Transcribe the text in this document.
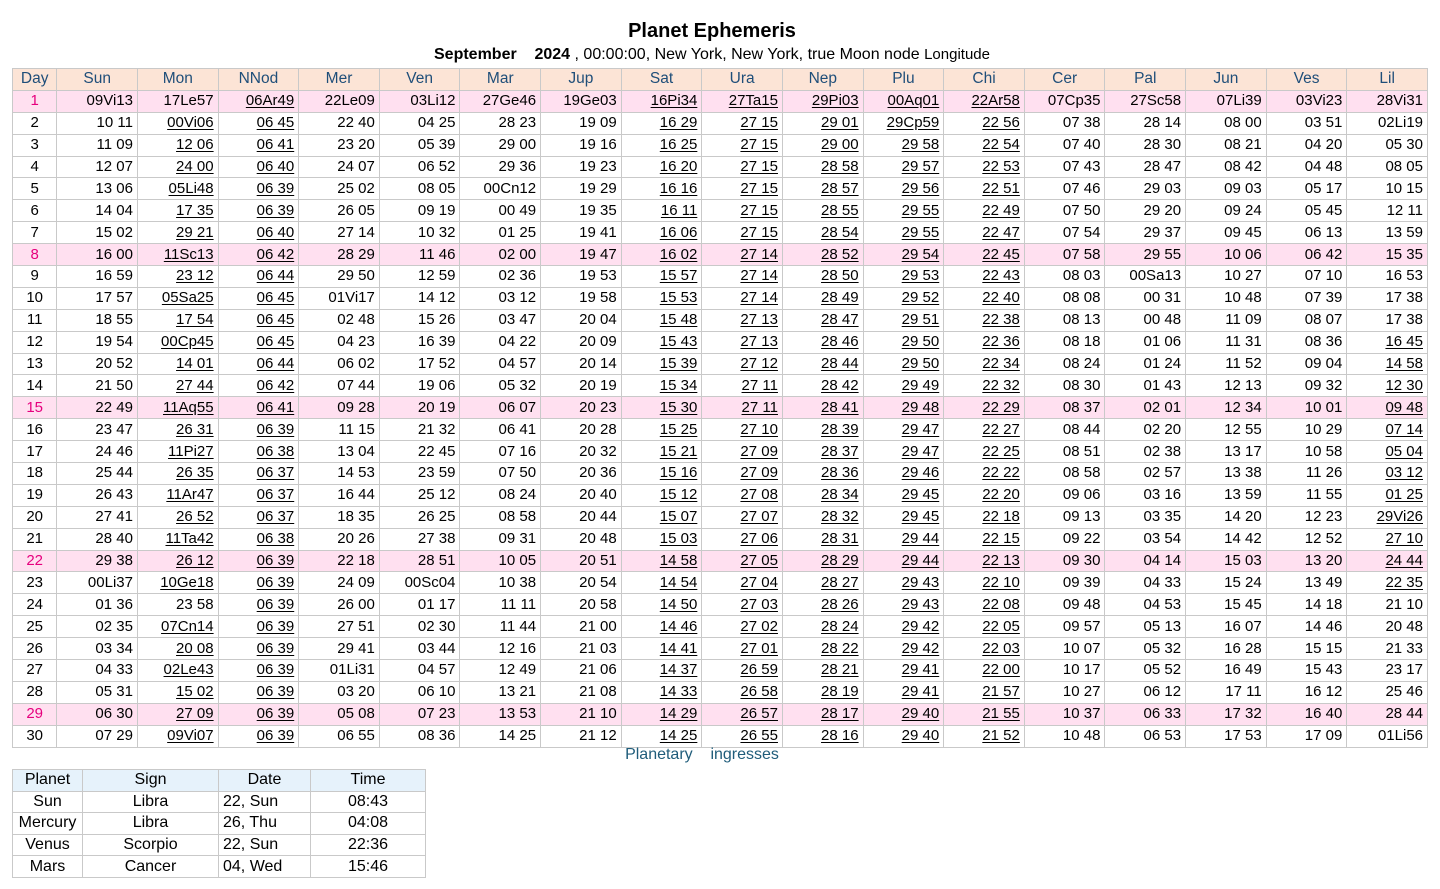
Planet Ephemeris
September 2024 , 00:00:00, New York, New York, true Moon node Longitude
Day	Sun	Mon	NNod	Mer	Ven	Mar	Jup	Sat	Ura	Nep	Plu	Chi	Cer	Pal	Jun	Ves	Lil
1	09Vi13	17Le57	06Ar49	22Le09	03Li12	27Ge46	19Ge03	16Pi34	27Ta15	29Pi03	00Aq01	22Ar58	07Cp35	27Sc58	07Li39	03Vi23	28Vi31
2	10 11	00Vi06	06 45	22 40	04 25	28 23	19 09	16 29	27 15	29 01	29Cp59	22 56	07 38	28 14	08 00	03 51	02Li19
3	11 09	12 06	06 41	23 20	05 39	29 00	19 16	16 25	27 15	29 00	29 58	22 54	07 40	28 30	08 21	04 20	05 30
4	12 07	24 00	06 40	24 07	06 52	29 36	19 23	16 20	27 15	28 58	29 57	22 53	07 43	28 47	08 42	04 48	08 05
5	13 06	05Li48	06 39	25 02	08 05	00Cn12	19 29	16 16	27 15	28 57	29 56	22 51	07 46	29 03	09 03	05 17	10 15
6	14 04	17 35	06 39	26 05	09 19	00 49	19 35	16 11	27 15	28 55	29 55	22 49	07 50	29 20	09 24	05 45	12 11
7	15 02	29 21	06 40	27 14	10 32	01 25	19 41	16 06	27 15	28 54	29 55	22 47	07 54	29 37	09 45	06 13	13 59
8	16 00	11Sc13	06 42	28 29	11 46	02 00	19 47	16 02	27 14	28 52	29 54	22 45	07 58	29 55	10 06	06 42	15 35
9	16 59	23 12	06 44	29 50	12 59	02 36	19 53	15 57	27 14	28 50	29 53	22 43	08 03	00Sa13	10 27	07 10	16 53
10	17 57	05Sa25	06 45	01Vi17	14 12	03 12	19 58	15 53	27 14	28 49	29 52	22 40	08 08	00 31	10 48	07 39	17 38
11	18 55	17 54	06 45	02 48	15 26	03 47	20 04	15 48	27 13	28 47	29 51	22 38	08 13	00 48	11 09	08 07	17 38
12	19 54	00Cp45	06 45	04 23	16 39	04 22	20 09	15 43	27 13	28 46	29 50	22 36	08 18	01 06	11 31	08 36	16 45
13	20 52	14 01	06 44	06 02	17 52	04 57	20 14	15 39	27 12	28 44	29 50	22 34	08 24	01 24	11 52	09 04	14 58
14	21 50	27 44	06 42	07 44	19 06	05 32	20 19	15 34	27 11	28 42	29 49	22 32	08 30	01 43	12 13	09 32	12 30
15	22 49	11Aq55	06 41	09 28	20 19	06 07	20 23	15 30	27 11	28 41	29 48	22 29	08 37	02 01	12 34	10 01	09 48
16	23 47	26 31	06 39	11 15	21 32	06 41	20 28	15 25	27 10	28 39	29 47	22 27	08 44	02 20	12 55	10 29	07 14
17	24 46	11Pi27	06 38	13 04	22 45	07 16	20 32	15 21	27 09	28 37	29 47	22 25	08 51	02 38	13 17	10 58	05 04
18	25 44	26 35	06 37	14 53	23 59	07 50	20 36	15 16	27 09	28 36	29 46	22 22	08 58	02 57	13 38	11 26	03 12
19	26 43	11Ar47	06 37	16 44	25 12	08 24	20 40	15 12	27 08	28 34	29 45	22 20	09 06	03 16	13 59	11 55	01 25
20	27 41	26 52	06 37	18 35	26 25	08 58	20 44	15 07	27 07	28 32	29 45	22 18	09 13	03 35	14 20	12 23	29Vi26
21	28 40	11Ta42	06 38	20 26	27 38	09 31	20 48	15 03	27 06	28 31	29 44	22 15	09 22	03 54	14 42	12 52	27 10
22	29 38	26 12	06 39	22 18	28 51	10 05	20 51	14 58	27 05	28 29	29 44	22 13	09 30	04 14	15 03	13 20	24 44
23	00Li37	10Ge18	06 39	24 09	00Sc04	10 38	20 54	14 54	27 04	28 27	29 43	22 10	09 39	04 33	15 24	13 49	22 35
24	01 36	23 58	06 39	26 00	01 17	11 11	20 58	14 50	27 03	28 26	29 43	22 08	09 48	04 53	15 45	14 18	21 10
25	02 35	07Cn14	06 39	27 51	02 30	11 44	21 00	14 46	27 02	28 24	29 42	22 05	09 57	05 13	16 07	14 46	20 48
26	03 34	20 08	06 39	29 41	03 44	12 16	21 03	14 41	27 01	28 22	29 42	22 03	10 07	05 32	16 28	15 15	21 33
27	04 33	02Le43	06 39	01Li31	04 57	12 49	21 06	14 37	26 59	28 21	29 41	22 00	10 17	05 52	16 49	15 43	23 17
28	05 31	15 02	06 39	03 20	06 10	13 21	21 08	14 33	26 58	28 19	29 41	21 57	10 27	06 12	17 11	16 12	25 46
29	06 30	27 09	06 39	05 08	07 23	13 53	21 10	14 29	26 57	28 17	29 40	21 55	10 37	06 33	17 32	16 40	28 44
30	07 29	09Vi07	06 39	06 55	08 36	14 25	21 12	14 25	26 55	28 16	29 40	21 52	10 48	06 53	17 53	17 09	01Li56
Planetary    ingresses
Planet	Sign	Date	Time
Sun	Libra	22, Sun	08:43
Mercury	Libra	26, Thu	04:08
Venus	Scorpio	22, Sun	22:36
Mars	Cancer	04, Wed	15:46
